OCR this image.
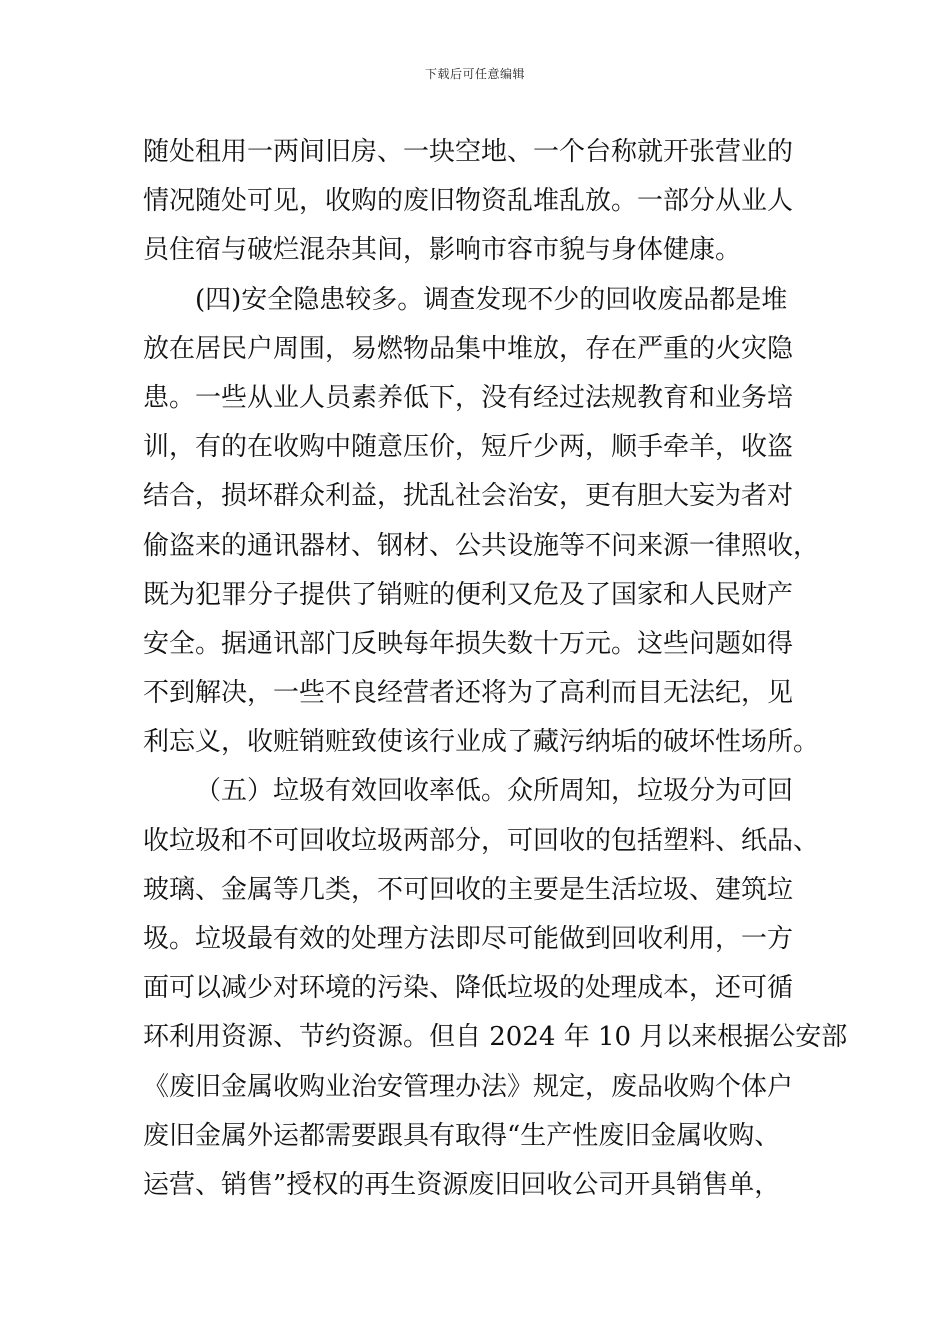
下载后可任意编辑
随处租用一两间旧房、一块空地、一个台称就开张营业的
情况随处可见，收购的废旧物资乱堆乱放。一部分从业人
员住宿与破烂混杂其间，影响市容市貌与身体健康。
(四)安全隐患较多。调查发现不少的回收废品都是堆
放在居民户周围，易燃物品集中堆放，存在严重的火灾隐
患。一些从业人员素养低下，没有经过法规教育和业务培
训，有的在收购中随意压价，短斤少两，顺手牵羊，收盗
结合，损坏群众利益，扰乱社会治安，更有胆大妄为者对
偷盗来的通讯器材、钢材、公共设施等不问来源一律照收，
既为犯罪分子提供了销赃的便利又危及了国家和人民财产
安全。据通讯部门反映每年损失数十万元。这些问题如得
不到解决，一些不良经营者还将为了高利而目无法纪，见
利忘义，收赃销赃致使该行业成了藏污纳垢的破坏性场所。
（五）垃圾有效回收率低。众所周知，垃圾分为可回
收垃圾和不可回收垃圾两部分，可回收的包括塑料、纸品、
玻璃、金属等几类，不可回收的主要是生活垃圾、建筑垃
圾。垃圾最有效的处理方法即尽可能做到回收利用，一方
面可以减少对环境的污染、降低垃圾的处理成本，还可循
环利用资源、节约资源。但自 2024 年 10 月以来根据公安部
《废旧金属收购业治安管理办法》规定，废品收购个体户
废旧金属外运都需要跟具有取得“生产性废旧金属收购、
运营、销售”授权的再生资源废旧回收公司开具销售单，
